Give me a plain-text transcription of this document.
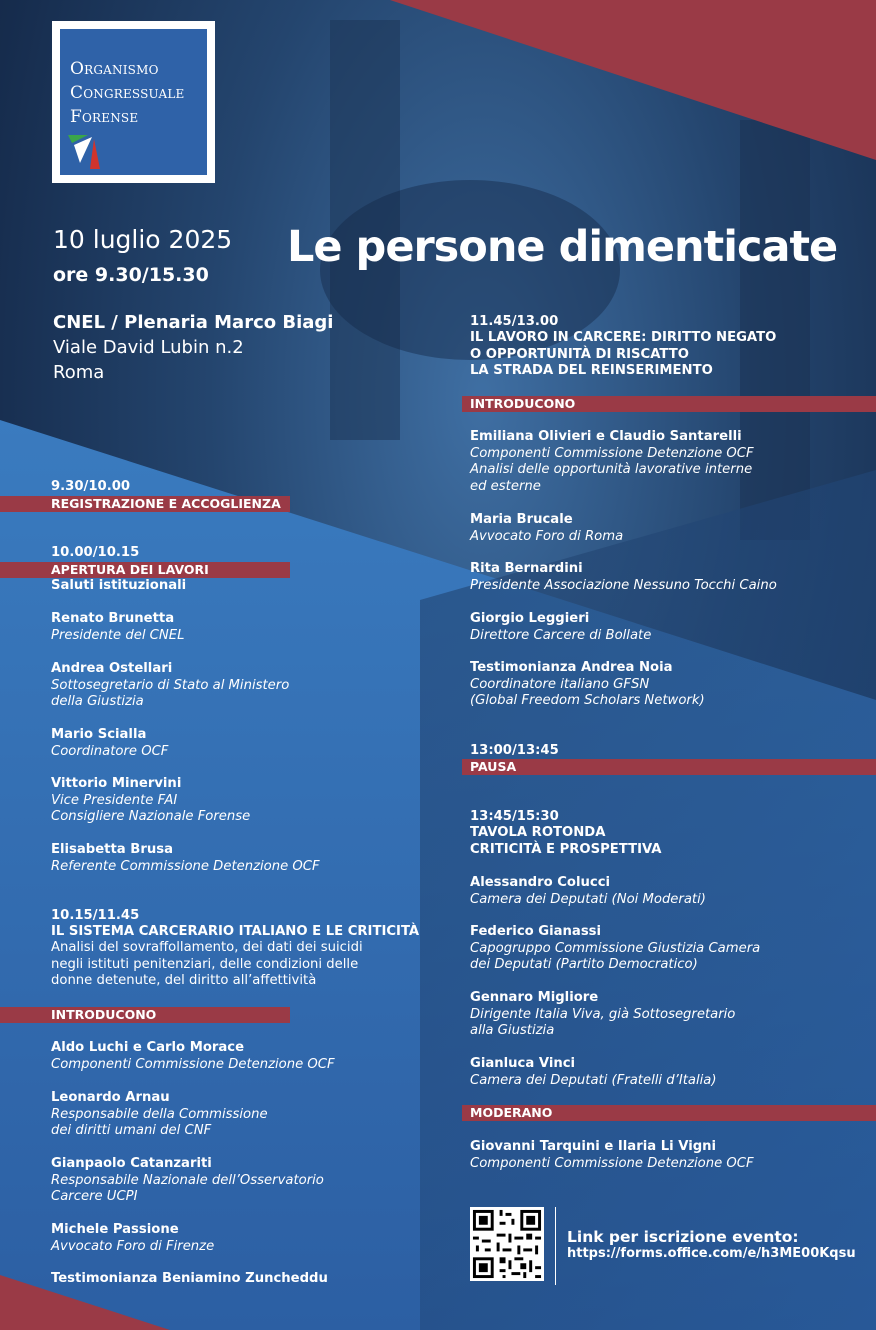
Organismo
Congressuale
Forense
10 luglio 2025
ore 9.30/15.30
Le persone dimenticate
CNEL / Plenaria Marco Biagi
Viale David Lubin n.2
Roma
9.30/10.00
REGISTRAZIONE E ACCOGLIENZA
10.00/10.15
APERTURA DEI LAVORI
Saluti istituzionali
Renato Brunetta
Presidente del CNEL
Andrea Ostellari
Sottosegretario di Stato al Ministero
della Giustizia
Mario Scialla
Coordinatore OCF
Vittorio Minervini
Vice Presidente FAI
Consigliere Nazionale Forense
Elisabetta Brusa
Referente Commissione Detenzione OCF
10.15/11.45
IL SISTEMA CARCERARIO ITALIANO E LE CRITICITÀ
Analisi del sovraffollamento, dei dati dei suicidi
negli istituti penitenziari, delle condizioni delle
donne detenute, del diritto all’affettività
INTRODUCONO
Aldo Luchi e Carlo Morace
Componenti Commissione Detenzione OCF
Leonardo Arnau
Responsabile della Commissione
dei diritti umani del CNF
Gianpaolo Catanzariti
Responsabile Nazionale dell’Osservatorio
Carcere UCPI
Michele Passione
Avvocato Foro di Firenze
Testimonianza Beniamino Zuncheddu
11.45/13.00
IL LAVORO IN CARCERE: DIRITTO NEGATO
O OPPORTUNITÀ DI RISCATTO
LA STRADA DEL REINSERIMENTO
INTRODUCONO
Emiliana Olivieri e Claudio Santarelli
Componenti Commissione Detenzione OCF
Analisi delle opportunità lavorative interne
ed esterne
Maria Brucale
Avvocato Foro di Roma
Rita Bernardini
Presidente Associazione Nessuno Tocchi Caino
Giorgio Leggieri
Direttore Carcere di Bollate
Testimonianza Andrea Noia
Coordinatore italiano GFSN
(Global Freedom Scholars Network)
13:00/13:45
PAUSA
13:45/15:30
TAVOLA ROTONDA
CRITICITÀ E PROSPETTIVA
Alessandro Colucci
Camera dei Deputati (Noi Moderati)
Federico Gianassi
Capogruppo Commissione Giustizia Camera
dei Deputati (Partito Democratico)
Gennaro Migliore
Dirigente Italia Viva, già Sottosegretario
alla Giustizia
Gianluca Vinci
Camera dei Deputati (Fratelli d’Italia)
MODERANO
Giovanni Tarquini e Ilaria Li Vigni
Componenti Commissione Detenzione OCF
Link per iscrizione evento:
https://forms.office.com/e/h3ME00Kqsu
